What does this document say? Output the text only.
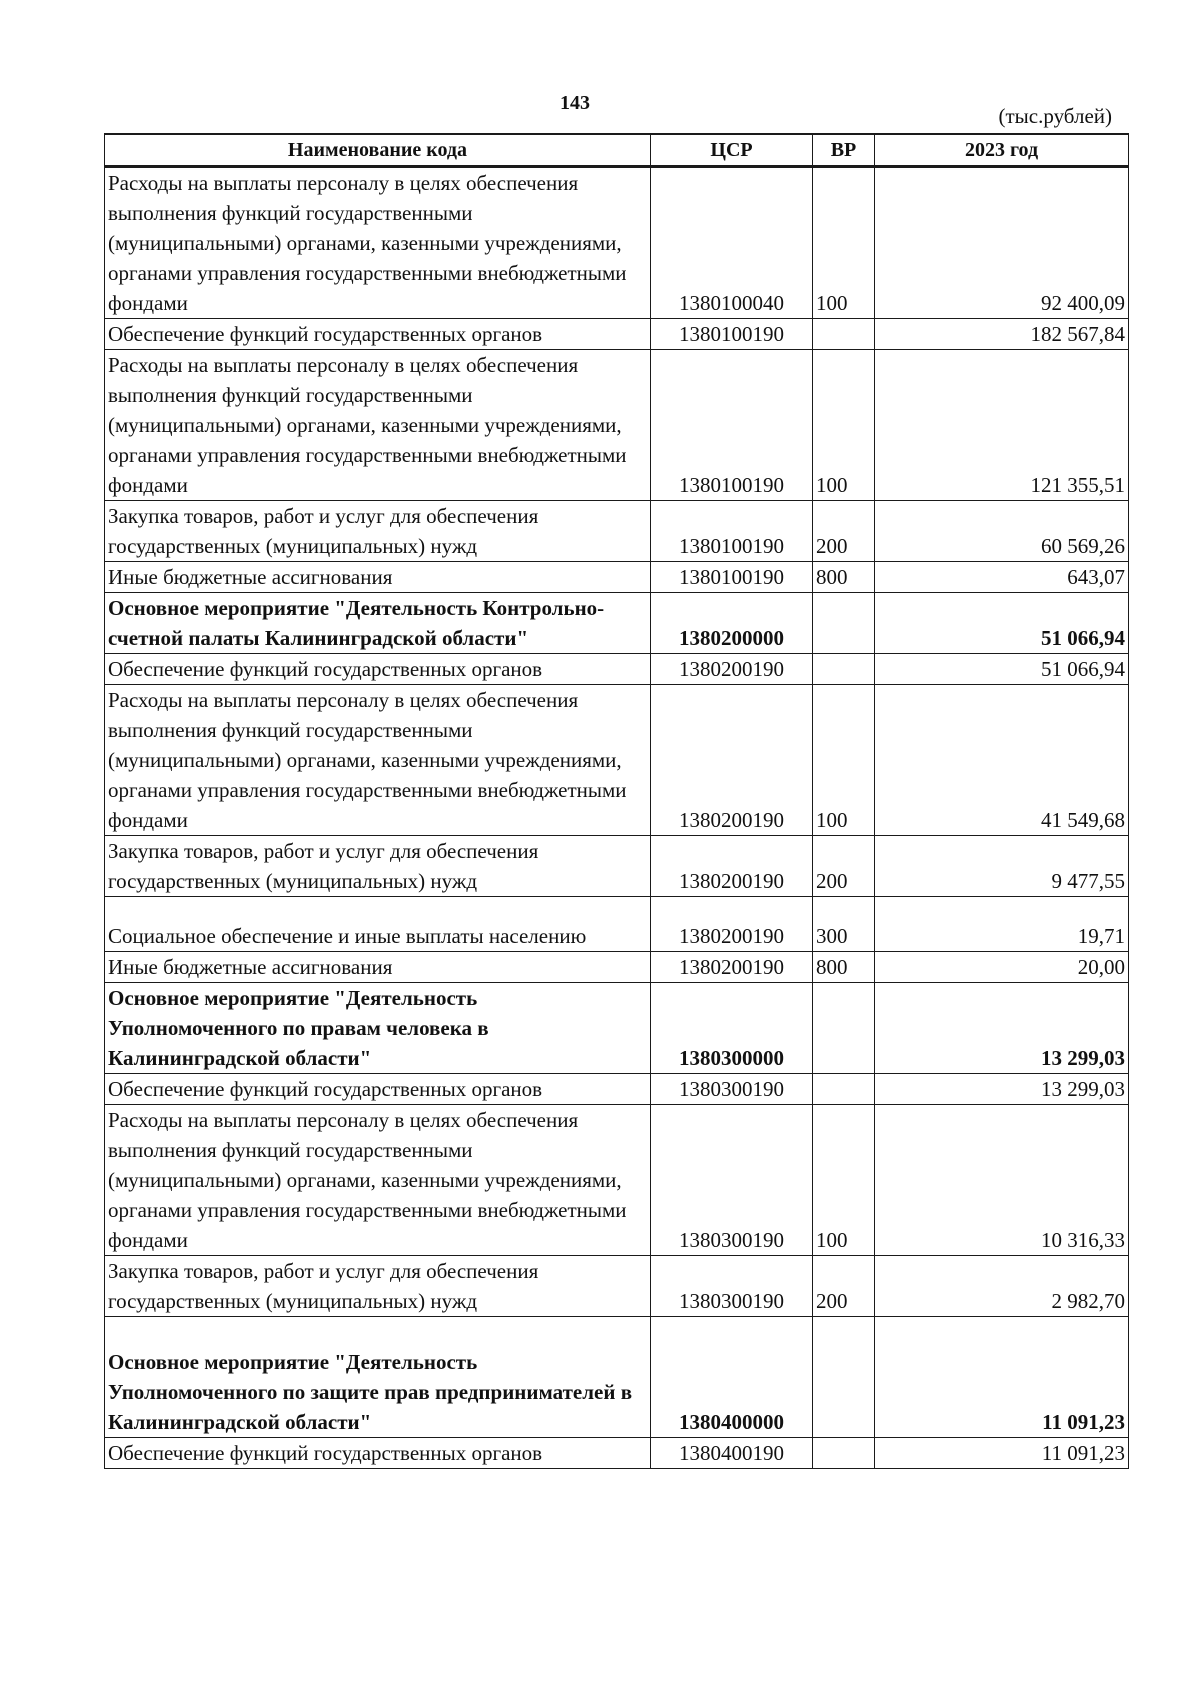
143
(тыс.рублей)
Наименование кода	ЦСР	ВР	2023 год
Расходы на выплаты персоналу в целях обеспечения выполнения функций государственными (муниципальными) органами, казенными учреждениями, органами управления государственными внебюджетными фондами	1380100040	100	92 400,09
Обеспечение функций государственных органов	1380100190		182 567,84
Расходы на выплаты персоналу в целях обеспечения выполнения функций государственными (муниципальными) органами, казенными учреждениями, органами управления государственными внебюджетными фондами	1380100190	100	121 355,51
Закупка товаров, работ и услуг для обеспечения государственных (муниципальных) нужд	1380100190	200	60 569,26
Иные бюджетные ассигнования	1380100190	800	643,07
Основное мероприятие "Деятельность Контрольно-счетной палаты Калининградской области"	1380200000		51 066,94
Обеспечение функций государственных органов	1380200190		51 066,94
Расходы на выплаты персоналу в целях обеспечения выполнения функций государственными (муниципальными) органами, казенными учреждениями, органами управления государственными внебюджетными фондами	1380200190	100	41 549,68
Закупка товаров, работ и услуг для обеспечения государственных (муниципальных) нужд	1380200190	200	9 477,55
Социальное обеспечение и иные выплаты населению	1380200190	300	19,71
Иные бюджетные ассигнования	1380200190	800	20,00
Основное мероприятие "Деятельность Уполномоченного по правам человека в Калининградской области"	1380300000		13 299,03
Обеспечение функций государственных органов	1380300190		13 299,03
Расходы на выплаты персоналу в целях обеспечения выполнения функций государственными (муниципальными) органами, казенными учреждениями, органами управления государственными внебюджетными фондами	1380300190	100	10 316,33
Закупка товаров, работ и услуг для обеспечения государственных (муниципальных) нужд	1380300190	200	2 982,70
Основное мероприятие "Деятельность Уполномоченного по защите прав предпринимателей в Калининградской области"	1380400000		11 091,23
Обеспечение функций государственных органов	1380400190		11 091,23
